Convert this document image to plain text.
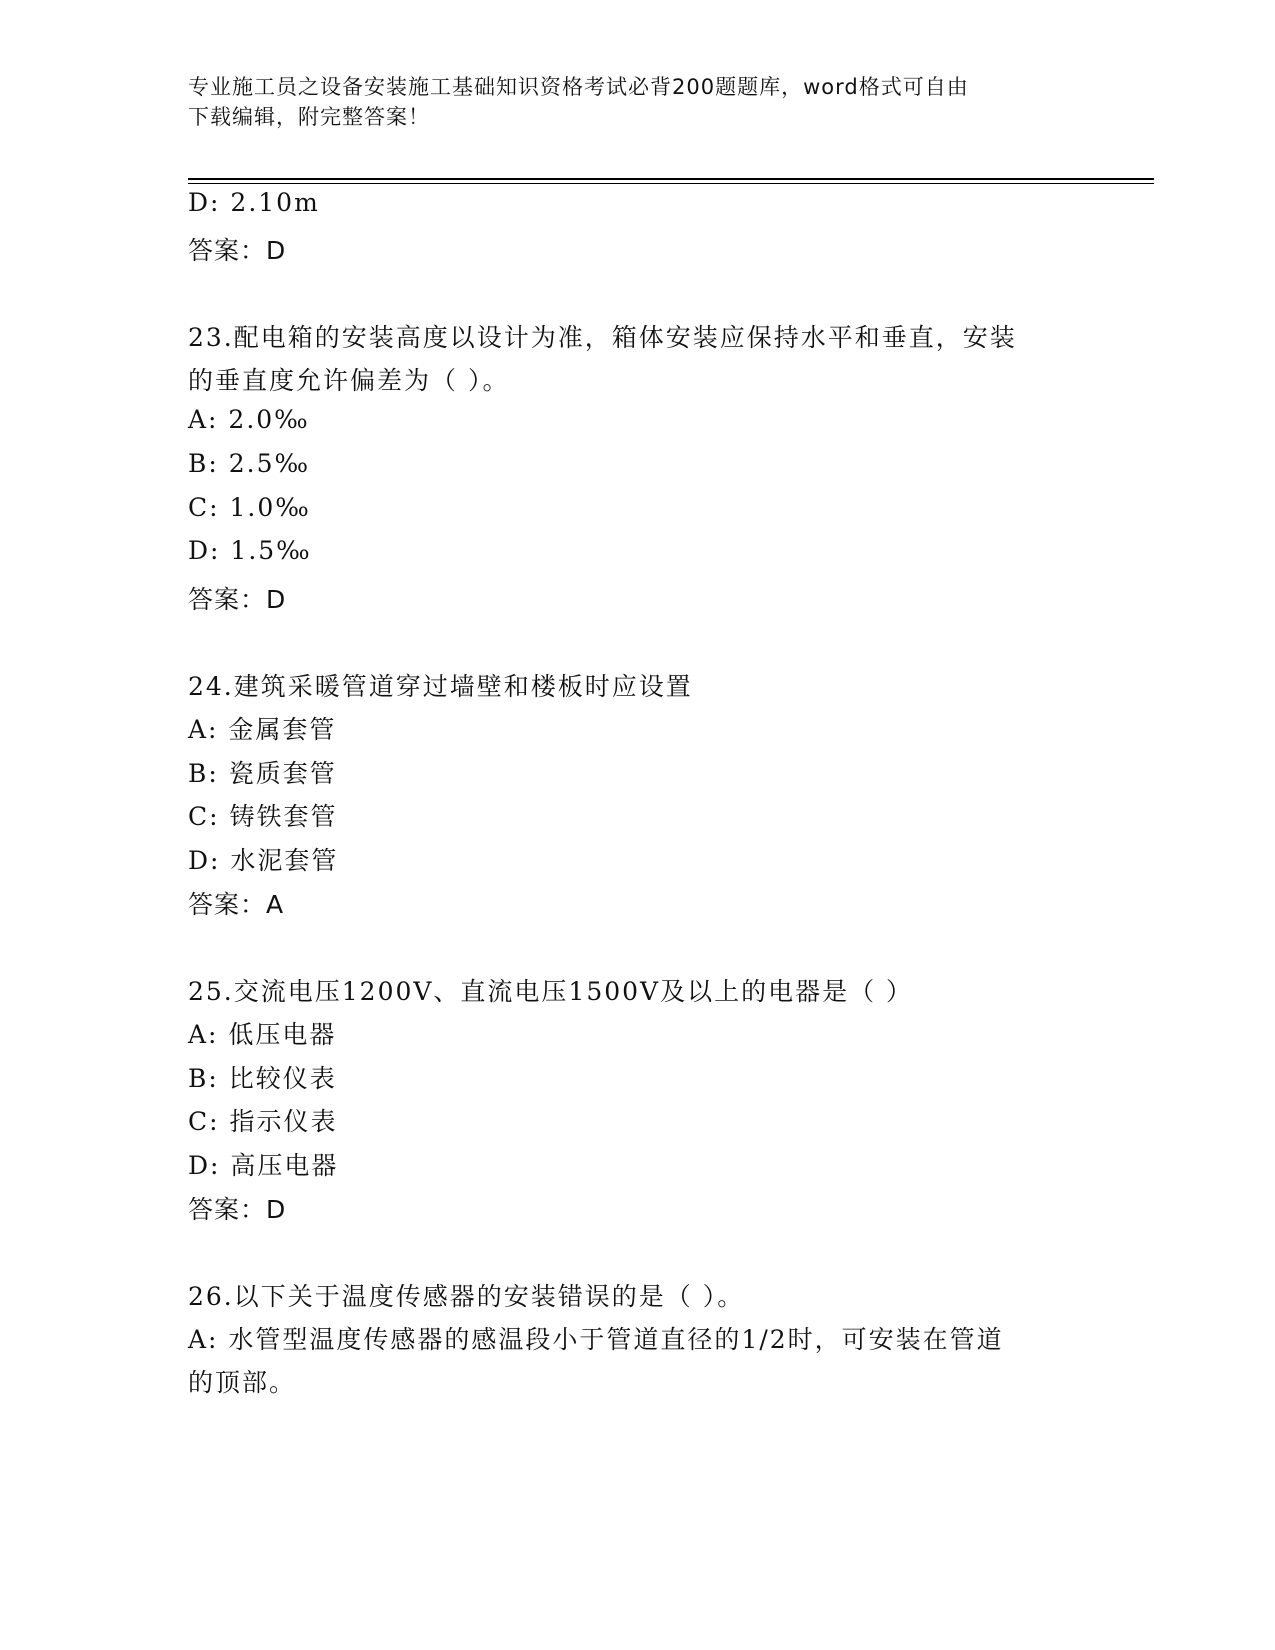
专业施工员之设备安装施工基础知识资格考试必背200题题库，word格式可自由
下载编辑，附完整答案！
D: 2.10m
答案：D
23.配电箱的安装高度以设计为准，箱体安装应保持水平和垂直，安装
的垂直度允许偏差为（ ）。
A: 2.0‰
B: 2.5‰
C: 1.0‰
D: 1.5‰
答案：D
24.建筑采暖管道穿过墙壁和楼板时应设置
A: 金属套管
B: 瓷质套管
C: 铸铁套管
D: 水泥套管
答案：A
25.交流电压1200V、直流电压1500V及以上的电器是（ ）
A: 低压电器
B: 比较仪表
C: 指示仪表
D: 高压电器
答案：D
26.以下关于温度传感器的安装错误的是（ ）。
A: 水管型温度传感器的感温段小于管道直径的1/2时，可安装在管道
的顶部。
